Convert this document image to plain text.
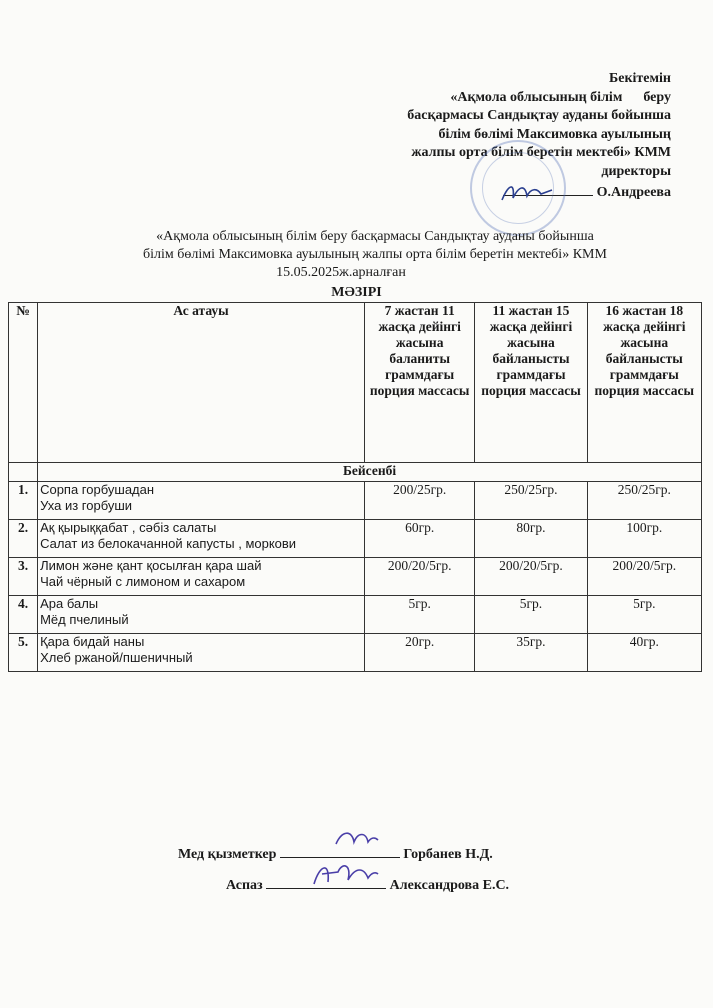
Бекітемін
«Ақмола облысының білім      беру
басқармасы Сандықтау ауданы бойынша
білім бөлімі Максимовка ауылының
жалпы орта білім беретін мектебі» КММ
директоры
О.Андреева
«Ақмола облысының білім беру басқармасы Сандықтау ауданы бойынша
білім бөлімі Максимовка ауылының жалпы орта білім беретін мектебі» КММ
15.05.2025ж.арналған
МӘЗІРІ
№	Ас атауы	7 жастан 11 жасқа дейінгі жасына баланиты граммдағы порция массасы	11 жастан 15 жасқа дейінгі жасына байланысты граммдағы порция массасы	16 жастан 18 жасқа дейінгі жасына байланысты граммдағы порция массасы
	Бейсенбі			
1.	Сорпа горбушадан
Уха из горбуши	200/25гр.	250/25гр.	250/25гр.
2.	Ақ қырыққабат , сәбіз салаты
Салат из белокачанной капусты , моркови	60гр.	80гр.	100гр.
3.	Лимон және қант қосылған қара шай
Чай чёрный с лимоном и сахаром	200/20/5гр.	200/20/5гр.	200/20/5гр.
4.	Ара балы
Мёд пчелиный	5гр.	5гр.	5гр.
5.	Қара бидай наны
Хлеб ржаной/пшеничный	20гр.	35гр.	40гр.
Мед қызметкер	Горбанев Н.Д.
Аспаз	Александрова Е.С.
